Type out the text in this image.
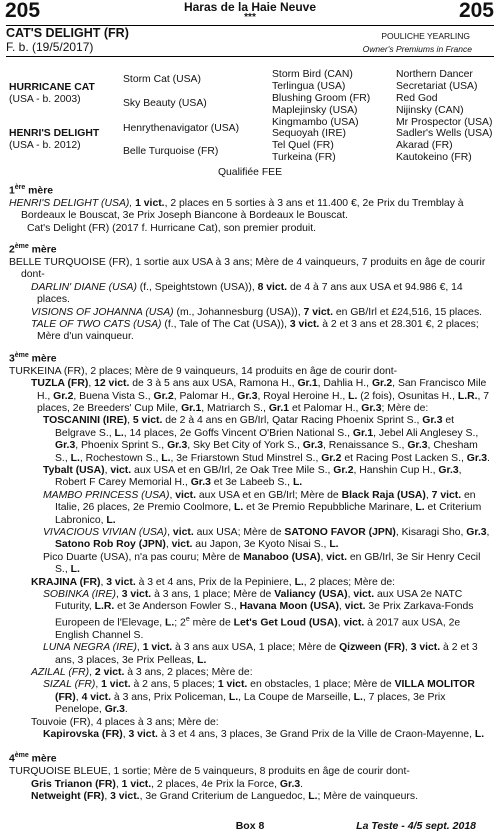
205	205
Haras de la Haie Neuve
***
CAT'S DELIGHT (FR)
F. b. (19/5/2017)
POULICHE YEARLING
Owner's Premiums in France
HURRICANE CAT
(USA - b. 2003)
HENRI'S DELIGHT
(USA - b. 2012)
Storm Cat (USA)
Sky Beauty (USA)
Henrythenavigator (USA)
Belle Turquoise (FR)
Storm Bird (CAN)
Terlingua (USA)
Blushing Groom (FR)
Maplejinsky (USA)
Kingmambo (USA)
Sequoyah (IRE)
Tel Quel (FR)
Turkeina (FR)
Northern Dancer
Secretariat (USA)
Red God
Nijinsky (CAN)
Mr Prospector (USA)
Sadler's Wells (USA)
Akarad (FR)
Kautokeino (FR)
Qualifiée FEE

1ère mère

HENRI'S DELIGHT (USA), 1 vict., 2 places en 5 sorties à 3 ans et 11.400 €, 2e Prix du Tremblay à Bordeaux le Bouscat, 3e Prix Joseph Biancone à Bordeaux le Bouscat.

Cat's Delight (FR) (2017 f. Hurricane Cat), son premier produit.

2ème mère

BELLE TURQUOISE (FR), 1 sortie aux USA à 3 ans; Mère de 4 vainqueurs, 7 produits en âge de courir dont-

DARLIN' DIANE (USA) (f., Speightstown (USA)), 8 vict. de 4 à 7 ans aux USA et 94.986 €, 14 places.

VISIONS OF JOHANNA (USA) (m., Johannesburg (USA)), 7 vict. en GB/Irl et £24,516, 15 places.

TALE OF TWO CATS (USA) (f., Tale of The Cat (USA)), 3 vict. à 2 et 3 ans et 28.301 €, 2 places; Mère d'un vainqueur.

3ème mère

TURKEINA (FR), 2 places; Mère de 9 vainqueurs, 14 produits en âge de courir dont-

TUZLA (FR), 12 vict. de 3 à 5 ans aux USA, Ramona H., Gr.1, Dahlia H., Gr.2, San Francisco Mile H., Gr.2, Buena Vista S., Gr.2, Palomar H., Gr.3, Royal Heroine H., L. (2 fois), Osunitas H., L.R., 7 places, 2e Breeders' Cup Mile, Gr.1, Matriarch S., Gr.1 et Palomar H., Gr.3; Mère de:

TOSCANINI (IRE), 5 vict. de 2 à 4 ans en GB/Irl, Qatar Racing Phoenix Sprint S., Gr.3 et Belgrave S., L., 14 places, 2e Goffs Vincent O'Brien National S., Gr.1, Jebel Ali Anglesey S., Gr.3, Phoenix Sprint S., Gr.3, Sky Bet City of York S., Gr.3, Renaissance S., Gr.3, Chesham S., L., Rochestown S., L., 3e Friarstown Stud Minstrel S., Gr.2 et Racing Post Lacken S., Gr.3.

Tybalt (USA), vict. aux USA et en GB/Irl, 2e Oak Tree Mile S., Gr.2, Hanshin Cup H., Gr.3, Robert F Carey Memorial H., Gr.3 et 3e Labeeb S., L.

MAMBO PRINCESS (USA), vict. aux USA et en GB/Irl; Mère de Black Raja (USA), 7 vict. en Italie, 26 places, 2e Premio Coolmore, L. et 3e Premio Repubbliche Marinare, L. et Criterium Labronico, L.

VIVACIOUS VIVIAN (USA), vict. aux USA; Mère de SATONO FAVOR (JPN), Kisaragi Sho, Gr.3, Satono Rob Roy (JPN), vict. au Japon, 3e Kyoto Nisai S., L.

Pico Duarte (USA), n'a pas couru; Mère de Manaboo (USA), vict. en GB/Irl, 3e Sir Henry Cecil S., L.

KRAJINA (FR), 3 vict. à 3 et 4 ans, Prix de la Pepiniere, L., 2 places; Mère de:

SOBINKA (IRE), 3 vict. à 3 ans, 1 place; Mère de Valiancy (USA), vict. aux USA 2e NATC Futurity, L.R. et 3e Anderson Fowler S., Havana Moon (USA), vict. 3e Prix Zarkava-Fonds Europeen de l'Elevage, L.; 2e mère de Let's Get Loud (USA), vict. à 2017 aux USA, 2e English Channel S.

LUNA NEGRA (IRE), 1 vict. à 3 ans aux USA, 1 place; Mère de Qizween (FR), 3 vict. à 2 et 3 ans, 3 places, 3e Prix Pelleas, L.

AZILAL (FR), 2 vict. à 3 ans, 2 places; Mère de:

SIZAL (FR), 1 vict. à 2 ans, 5 places; 1 vict. en obstacles, 1 place; Mère de VILLA MOLITOR (FR), 4 vict. à 3 ans, Prix Policeman, L., La Coupe de Marseille, L., 7 places, 3e Prix Penelope, Gr.3.

Touvoie (FR), 4 places à 3 ans; Mère de:

Kapirovska (FR), 3 vict. à 3 et 4 ans, 3 places, 3e Grand Prix de la Ville de Craon-Mayenne, L.

4ème mère

TURQUOISE BLEUE, 1 sortie; Mère de 5 vainqueurs, 8 produits en âge de courir dont-

Gris Trianon (FR), 1 vict., 2 places, 4e Prix la Force, Gr.3.

Netweight (FR), 3 vict., 3e Grand Criterium de Languedoc, L.; Mère de vainqueurs.

Box 8	La Teste - 4/5 sept. 2018
